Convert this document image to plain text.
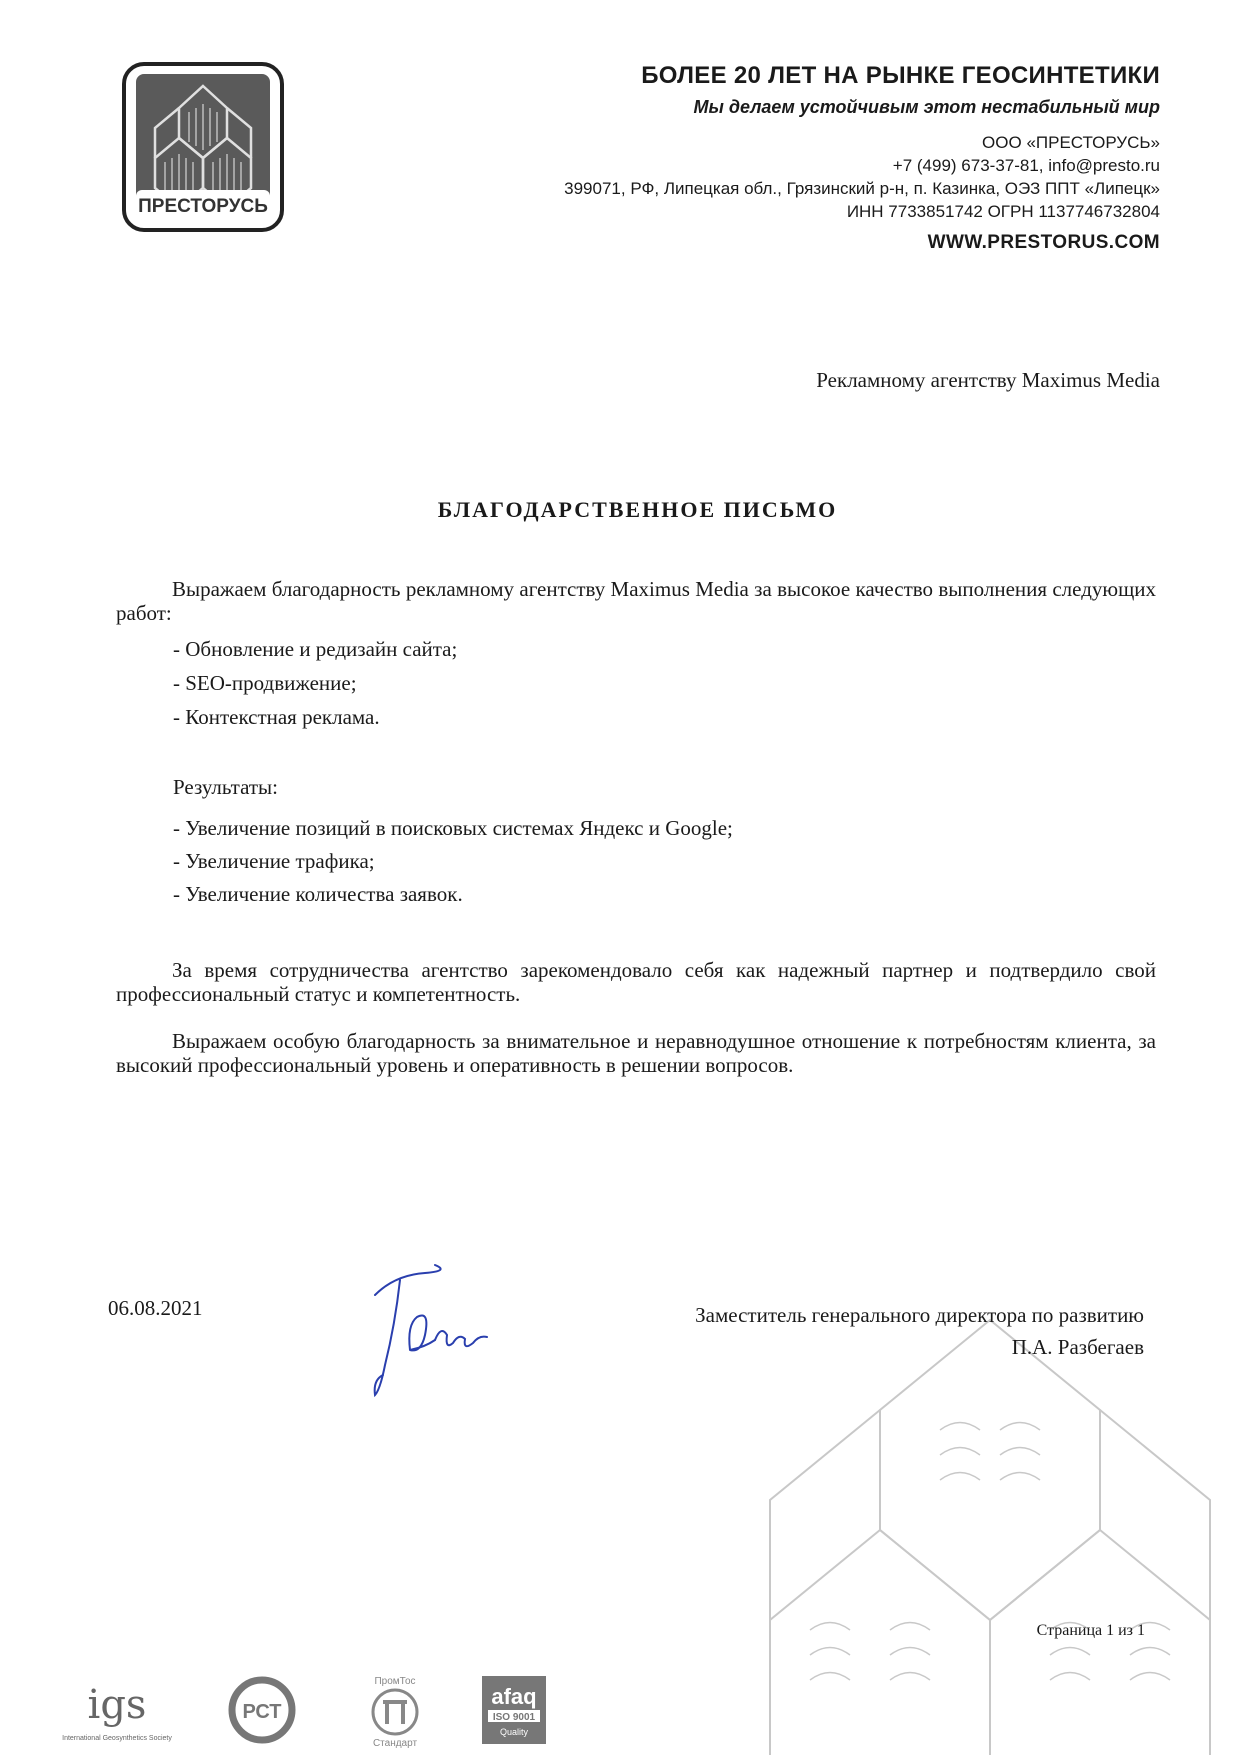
ПРЕСТОРУСЬ
БОЛЕЕ 20 ЛЕТ НА РЫНКЕ ГЕОСИНТЕТИКИ
Мы делаем устойчивым этот нестабильный мир
ООО «ПРЕСТОРУСЬ»
+7 (499) 673-37-81, info@presto.ru
399071, РФ, Липецкая обл., Грязинский р-н, п. Казинка, ОЭЗ ППТ «Липецк»
ИНН 7733851742 ОГРН 1137746732804
WWW.PRESTORUS.COM
Рекламному агентству Maximus Media
БЛАГОДАРСТВЕННОЕ ПИСЬМО
Выражаем благодарность рекламному агентству Maximus Media за высокое качество выполнения следующих работ:
- Обновление и редизайн сайта;
- SEO-продвижение;
- Контекстная реклама.
Результаты:
- Увеличение позиций в поисковых системах Яндекс и Google;
- Увеличение трафика;
- Увеличение количества заявок.
За время сотрудничества агентство зарекомендовало себя как надежный партнер и подтвердило свой профессиональный статус и компетентность.
Выражаем особую благодарность за внимательное и неравнодушное отношение к потребностям клиента, за высокий профессиональный уровень и оперативность в решении вопросов.
06.08.2021	Заместитель генерального директора по развитию
П.А. Разбегаев
Страница 1 из 1
igs
International Geosynthetics Society
РСТ
ПромТос
Стандарт
afaq
ISO 9001
Quality
